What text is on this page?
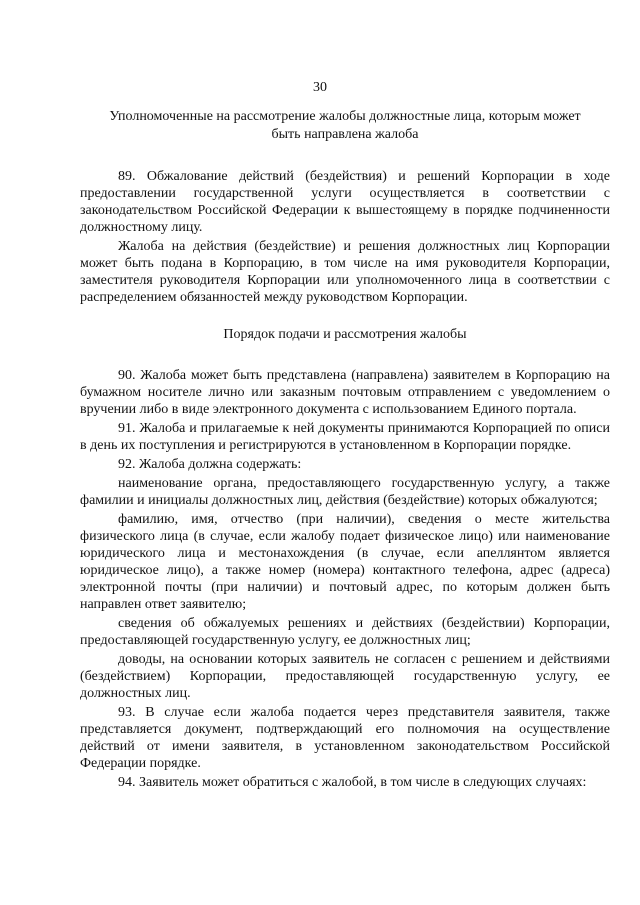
30
Уполномоченные на рассмотрение жалобы должностные лица, которым может быть направлена жалоба

89. Обжалование действий (бездействия) и решений Корпорации в ходе предоставлении государственной услуги осуществляется в соответствии с законодательством Российской Федерации к вышестоящему в порядке подчиненности должностному лицу.

Жалоба на действия (бездействие) и решения должностных лиц Корпорации может быть подана в Корпорацию, в том числе на имя руководителя Корпорации, заместителя руководителя Корпорации или уполномоченного лица в соответствии с распределением обязанностей между руководством Корпорации.

Порядок подачи и рассмотрения жалобы

90. Жалоба может быть представлена (направлена) заявителем в Корпорацию на бумажном носителе лично или заказным почтовым отправлением с уведомлением о вручении либо в виде электронного документа с использованием Единого портала.

91. Жалоба и прилагаемые к ней документы принимаются Корпорацией по описи в день их поступления и регистрируются в установленном в Корпорации порядке.

92. Жалоба должна содержать:

наименование органа, предоставляющего государственную услугу, а также фамилии и инициалы должностных лиц, действия (бездействие) которых обжалуются;

фамилию, имя, отчество (при наличии), сведения о месте жительства физического лица (в случае, если жалобу подает физическое лицо) или наименование юридического лица и местонахождения (в случае, если апеллянтом является юридическое лицо), а также номер (номера) контактного телефона, адрес (адреса) электронной почты (при наличии) и почтовый адрес, по которым должен быть направлен ответ заявителю;

сведения об обжалуемых решениях и действиях (бездействии) Корпорации, предоставляющей государственную услугу, ее должностных лиц;

доводы, на основании которых заявитель не согласен с решением и действиями (бездействием) Корпорации, предоставляющей государственную услугу, ее должностных лиц.

93. В случае если жалоба подается через представителя заявителя, также представляется документ, подтверждающий его полномочия на осуществление действий от имени заявителя, в установленном законодательством Российской Федерации порядке.

94. Заявитель может обратиться с жалобой, в том числе в следующих случаях:
